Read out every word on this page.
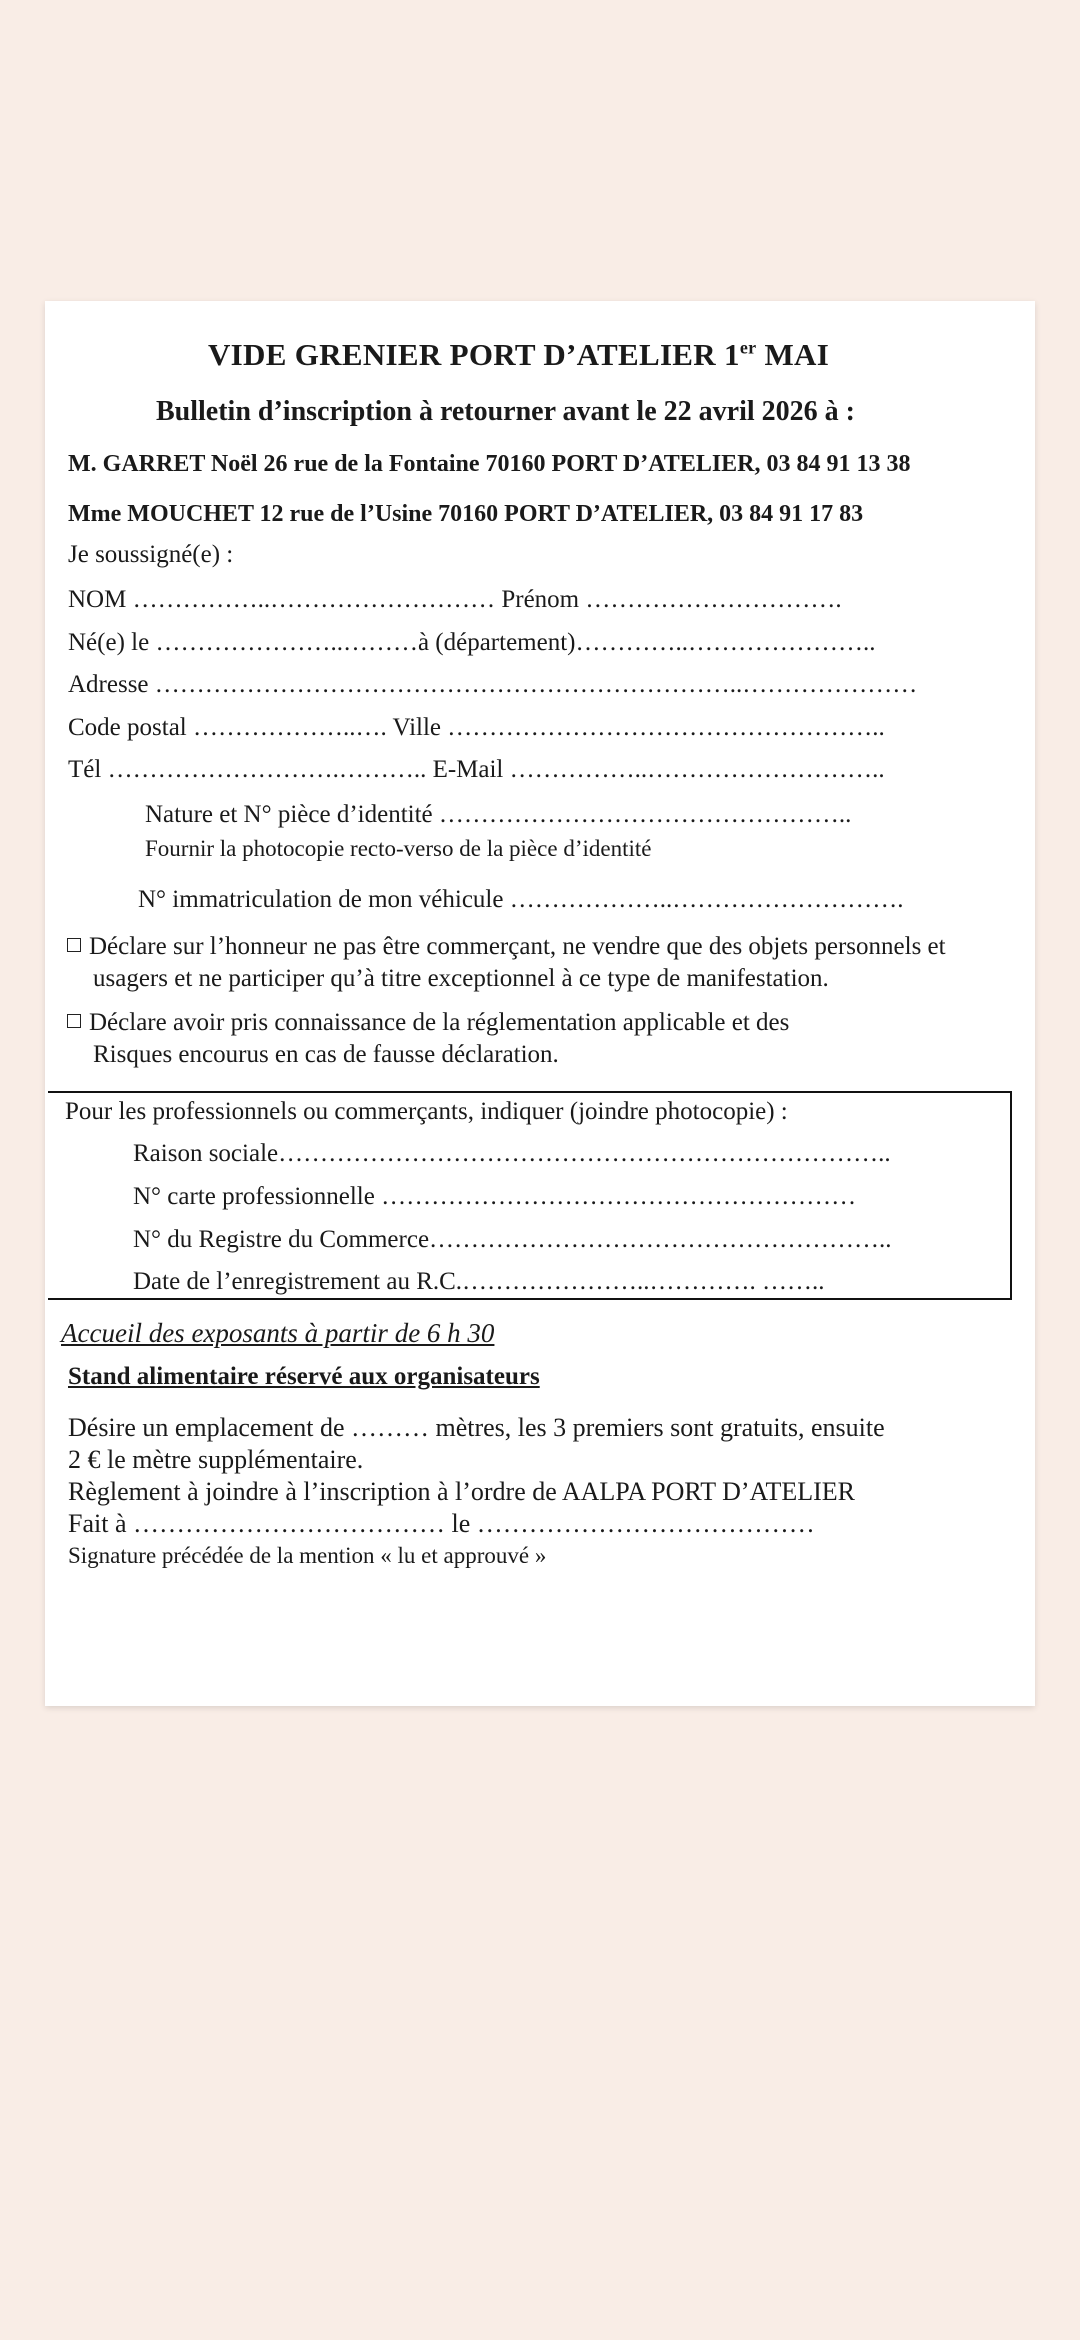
VIDE GRENIER PORT D’ATELIER 1er MAI
Bulletin d’inscription à retourner avant le 22 avril 2026 à :
M. GARRET Noël 26 rue de la Fontaine 70160 PORT D’ATELIER, 03 84 91 13 38
Mme MOUCHET 12 rue de l’Usine 70160 PORT D’ATELIER, 03 84 91 17 83
Je soussigné(e) :
NOM ……………..……………………… Prénom ………………………….
Né(e) le …………………..………à (département)…………..…………………..
Adresse ……………………………………………………………..…………………
Code postal ………………..…. Ville ……………………………………………..
Tél ……………………….……….. E-Mail ……………..………………………..
Nature et N° pièce d’identité …………………………………………..
Fournir la photocopie recto-verso de la pièce d’identité
N° immatriculation de mon véhicule ………………..……………………….
Déclare sur l’honneur ne pas être commerçant, ne vendre que des objets personnels et
usagers et ne participer qu’à titre exceptionnel à ce type de manifestation.
Déclare avoir pris connaissance de la réglementation applicable et des
Risques encourus en cas de fausse déclaration.
Pour les professionnels ou commerçants, indiquer (joindre photocopie) :
Raison sociale………………………………………………………………..
N° carte professionnelle …………………………………………………
N° du Registre du Commerce………………………………………………..
Date de l’enregistrement au R.C.…………………..…………. ……..
Accueil des exposants à partir de 6 h 30
Stand alimentaire réservé aux organisateurs
Désire un emplacement de ……… mètres, les 3 premiers sont gratuits, ensuite
2 € le mètre supplémentaire.
Règlement à joindre à l’inscription à l’ordre de AALPA PORT D’ATELIER
Fait à ……………………………… le …………………………………
Signature précédée de la mention « lu et approuvé »
